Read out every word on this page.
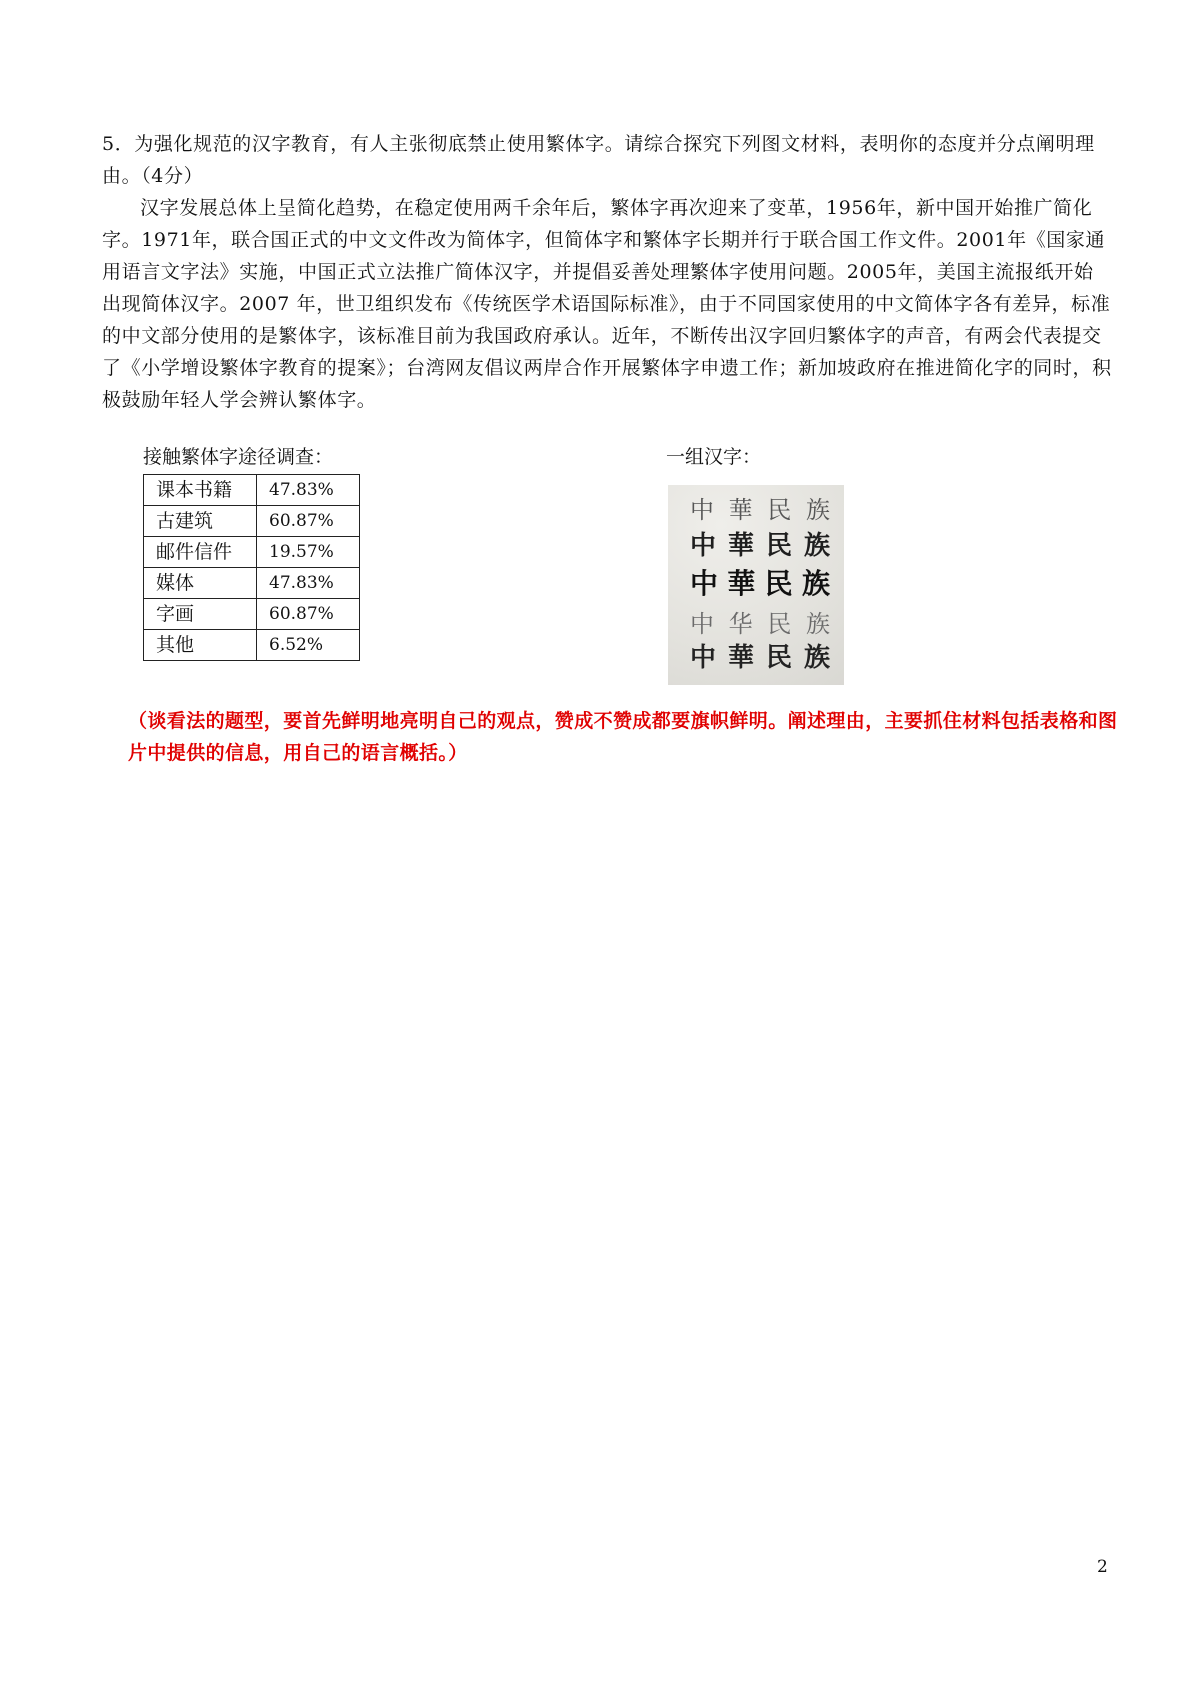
5．为强化规范的汉字教育，有人主张彻底禁止使用繁体字。请综合探究下列图文材料，表明你的态度并分点阐明理由。（4分）

汉字发展总体上呈简化趋势，在稳定使用两千余年后，繁体字再次迎来了变革，1956年，新中国开始推广简化字。1971年，联合国正式的中文文件改为简体字，但简体字和繁体字长期并行于联合国工作文件。2001年《国家通用语言文字法》实施，中国正式立法推广简体汉字，并提倡妥善处理繁体字使用问题。2005年，美国主流报纸开始出现简体汉字。2007 年，世卫组织发布《传统医学术语国际标准》，由于不同国家使用的中文简体字各有差异，标准的中文部分使用的是繁体字，该标准目前为我国政府承认。近年，不断传出汉字回归繁体字的声音，有两会代表提交了《小学增设繁体字教育的提案》；台湾网友倡议两岸合作开展繁体字申遗工作；新加坡政府在推进简化字的同时，积极鼓励年轻人学会辨认繁体字。

接触繁体字途径调查：
课本书籍	47.83%
古建筑	60.87%
邮件信件	19.57%
媒体	47.83%
字画	60.87%
其他	6.52%
一组汉字：
中 華 民 族
中 華 民 族
中 華 民 族
中 华 民 族
中 華 民 族
（谈看法的题型，要首先鲜明地亮明自己的观点，赞成不赞成都要旗帜鲜明。阐述理由，主要抓住材料包括表格和图片中提供的信息，用自己的语言概括。）
2
